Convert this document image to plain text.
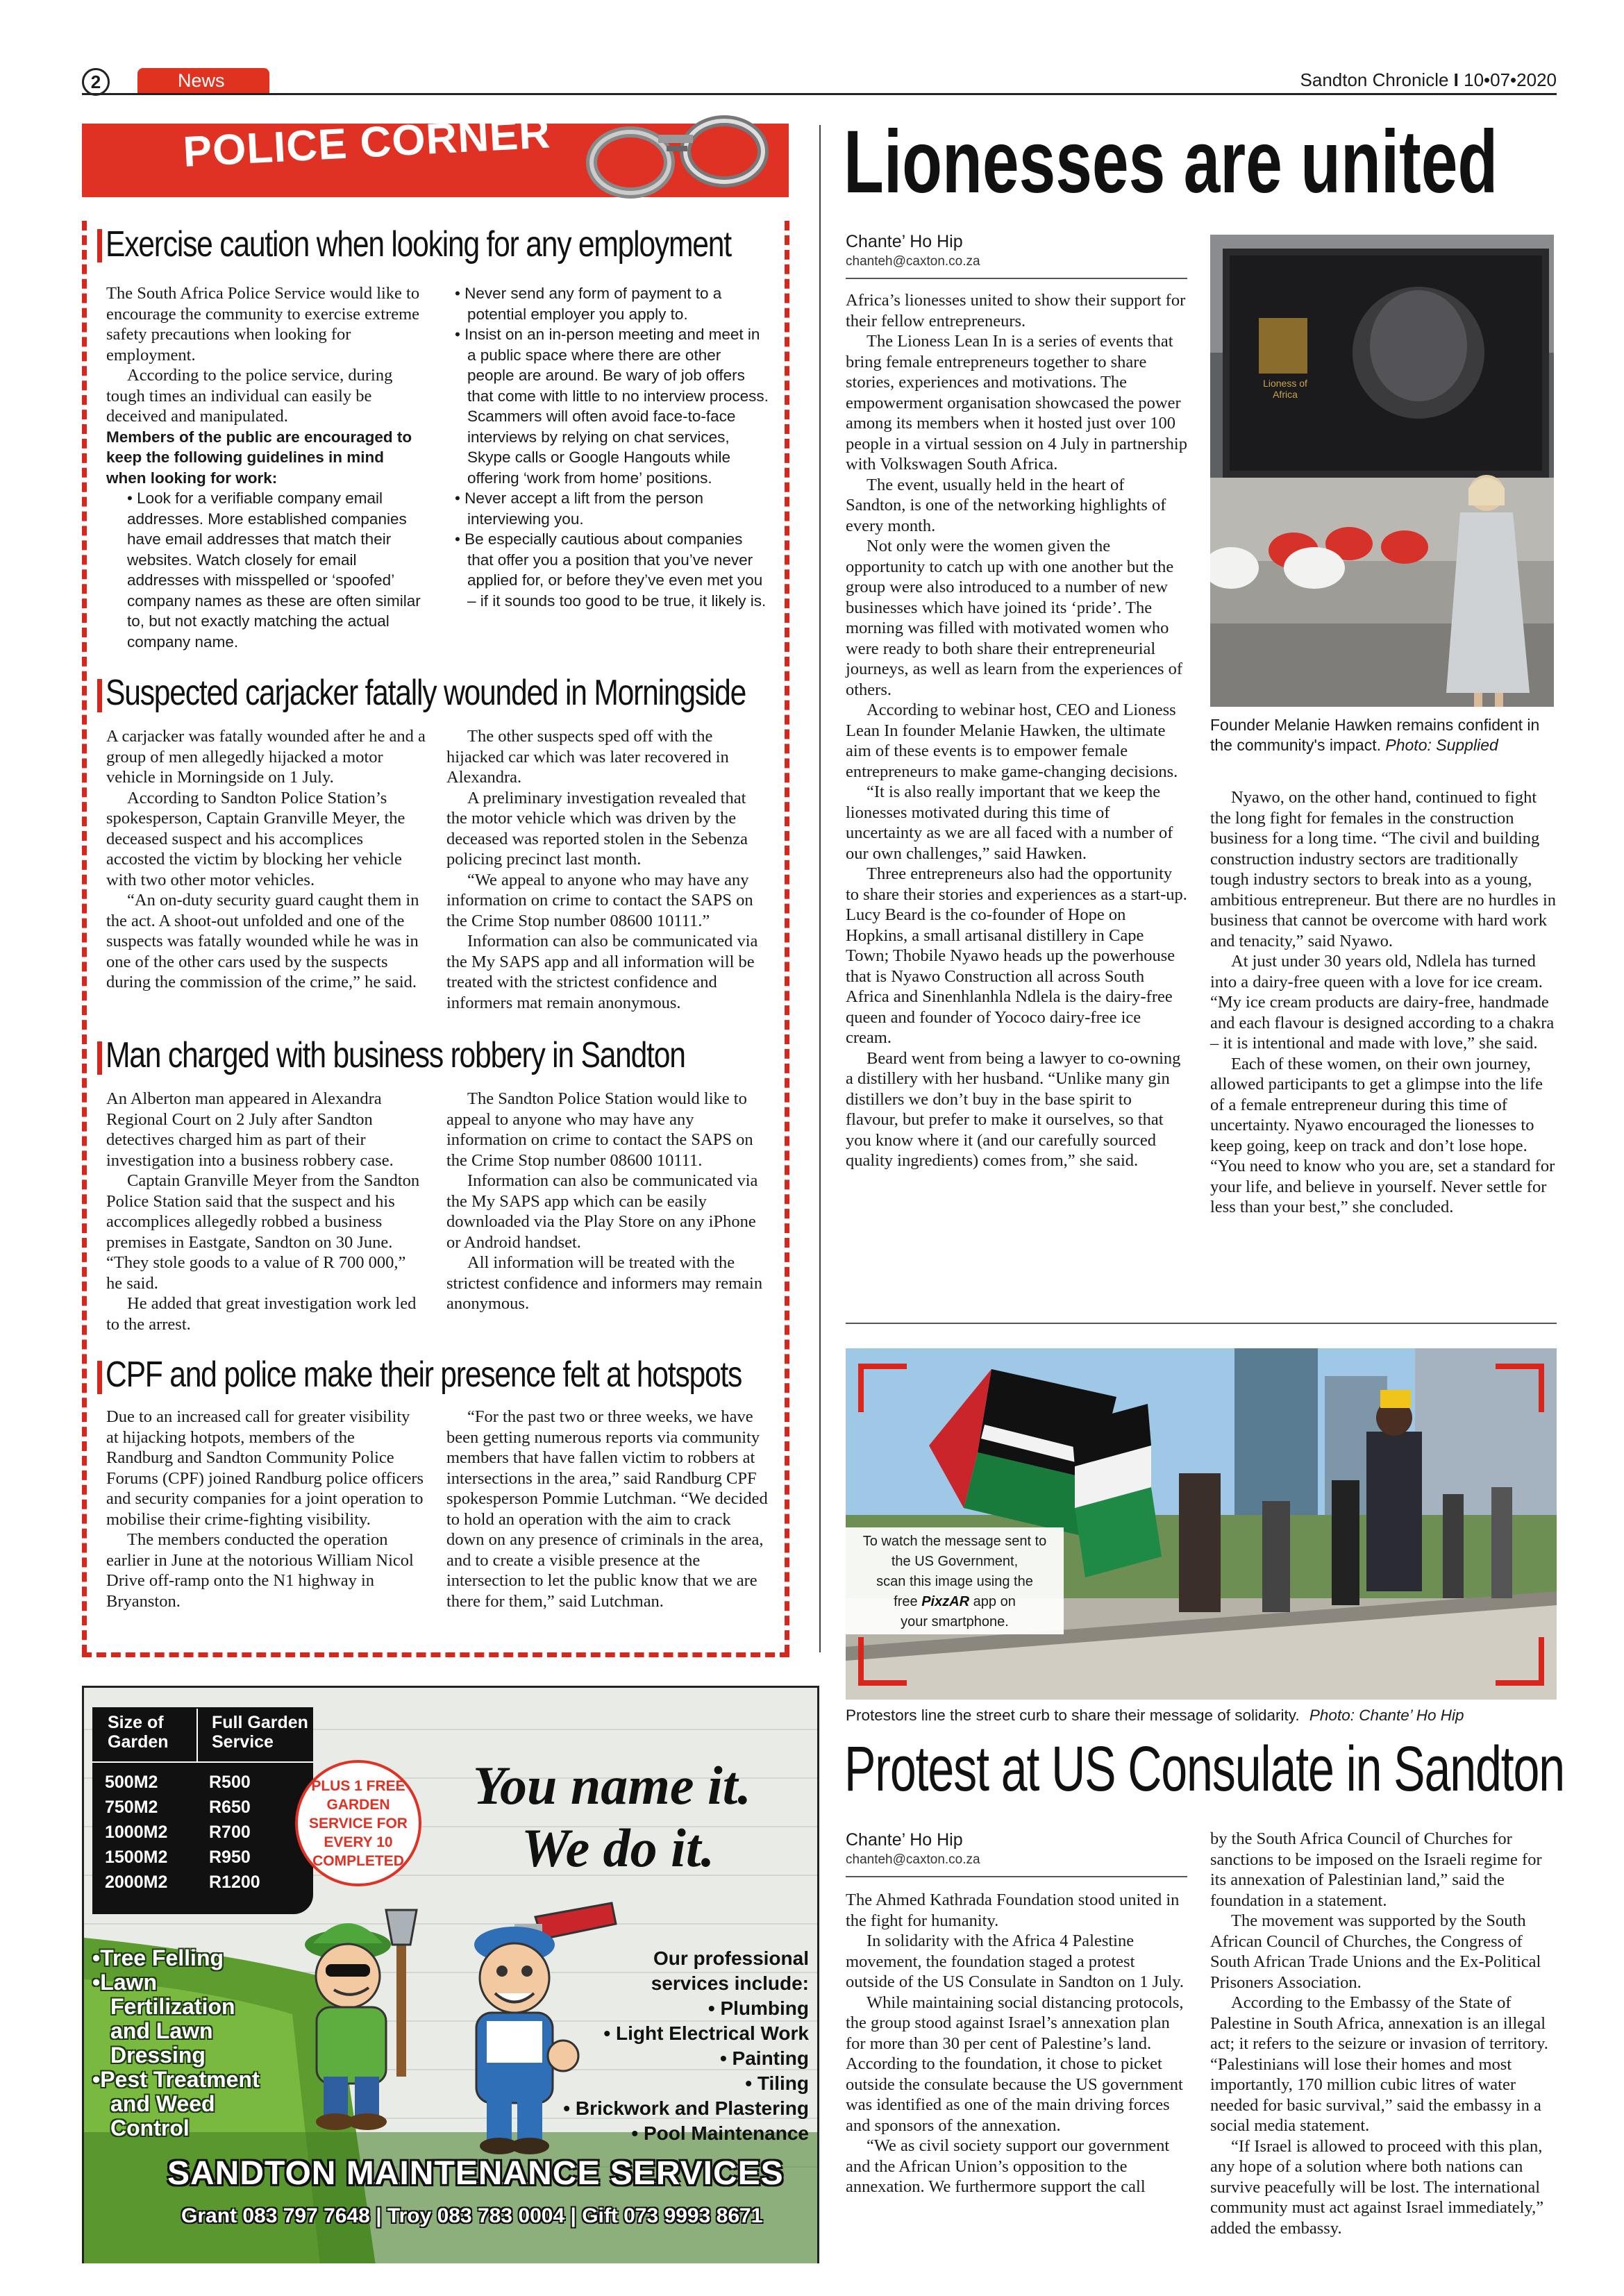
2	News	Sandton Chronicle I 10•07•2020
POLICE CORNER
Exercise caution when looking for any employment

The South Africa Police Service would like to encourage the community to exercise extreme safety precautions when looking for employment.

According to the police service, during tough times an individual can easily be deceived and manipulated.

Members of the public are encouraged to keep the following guidelines in mind when looking for work:

• Look for a verifiable company email addresses. More established companies have email addresses that match their websites. Watch closely for email addresses with misspelled or ‘spoofed’ company names as these are often similar to, but not exactly matching the actual company name.

• Never send any form of payment to a potential employer you apply to.

• Insist on an in-person meeting and meet in a public space where there are other people are around. Be wary of job offers that come with little to no interview process. Scammers will often avoid face-to-face interviews by relying on chat services, Skype calls or Google Hangouts while offering ‘work from home’ positions.

• Never accept a lift from the person interviewing you.

• Be especially cautious about companies that offer you a position that you’ve never applied for, or before they’ve even met you – if it sounds too good to be true, it likely is.

Suspected carjacker fatally wounded in Morningside

A carjacker was fatally wounded after he and a group of men allegedly hijacked a motor vehicle in Morningside on 1 July.

According to Sandton Police Station’s spokesperson, Captain Granville Meyer, the deceased suspect and his accomplices accosted the victim by blocking her vehicle with two other motor vehicles.

“An on-duty security guard caught them in the act. A shoot-out unfolded and one of the suspects was fatally wounded while he was in one of the other cars used by the suspects during the commission of the crime,” he said.

The other suspects sped off with the hijacked car which was later recovered in Alexandra.

A preliminary investigation revealed that the motor vehicle which was driven by the deceased was reported stolen in the Sebenza policing precinct last month.

“We appeal to anyone who may have any information on crime to contact the SAPS on the Crime Stop number 08600 10111.”

Information can also be communicated via the My SAPS app and all information will be treated with the strictest confidence and informers mat remain anonymous.

Man charged with business robbery in Sandton

An Alberton man appeared in Alexandra Regional Court on 2 July after Sandton detectives charged him as part of their investigation into a business robbery case.

Captain Granville Meyer from the Sandton Police Station said that the suspect and his accomplices allegedly robbed a business premises in Eastgate, Sandton on 30 June. “They stole goods to a value of R 700 000,” he said.

He added that great investigation work led to the arrest.

The Sandton Police Station would like to appeal to anyone who may have any information on crime to contact the SAPS on the Crime Stop number 08600 10111.

Information can also be communicated via the My SAPS app which can be easily downloaded via the Play Store on any iPhone or Android handset.

All information will be treated with the strictest confidence and informers may remain anonymous.

CPF and police make their presence felt at hotspots

Due to an increased call for greater visibility at hijacking hotpots, members of the Randburg and Sandton Community Police Forums (CPF) joined Randburg police officers and security companies for a joint operation to mobilise their crime-fighting visibility.

The members conducted the operation earlier in June at the notorious William Nicol Drive off-ramp onto the N1 highway in Bryanston.

“For the past two or three weeks, we have been getting numerous reports via community members that have fallen victim to robbers at intersections in the area,” said Randburg CPF spokesperson Pommie Lutchman. “We decided to hold an operation with the aim to crack down on any presence of criminals in the area, and to create a visible presence at the intersection to let the public know that we are there for them,” said Lutchman.

Lionesses are united
Chante’ Ho Hip
chanteh@caxton.co.za

Africa’s lionesses united to show their support for their fellow entrepreneurs.

The Lioness Lean In is a series of events that bring female entrepreneurs together to share stories, experiences and motivations. The empowerment organisation showcased the power among its members when it hosted just over 100 people in a virtual session on 4 July in partnership with Volkswagen South Africa.

The event, usually held in the heart of Sandton, is one of the networking highlights of every month.

Not only were the women given the opportunity to catch up with one another but the group were also introduced to a number of new businesses which have joined its ‘pride’. The morning was filled with motivated women who were ready to both share their entrepreneurial journeys, as well as learn from the experiences of others.

According to webinar host, CEO and Lioness Lean In founder Melanie Hawken, the ultimate aim of these events is to empower female entrepreneurs to make game-changing decisions.

“It is also really important that we keep the lionesses motivated during this time of uncertainty as we are all faced with a number of our own challenges,” said Hawken.

Three entrepreneurs also had the opportunity to share their stories and experiences as a start-up. Lucy Beard is the co-founder of Hope on Hopkins, a small artisanal distillery in Cape Town; Thobile Nyawo heads up the powerhouse that is Nyawo Construction all across South Africa and Sinenhlanhla Ndlela is the dairy-free queen and founder of Yococo dairy-free ice cream.

Beard went from being a lawyer to co-owning a distillery with her husband. “Unlike many gin distillers we don’t buy in the base spirit to flavour, but prefer to make it ourselves, so that you know where it (and our carefully sourced quality ingredients) comes from,” she said.

Lioness of Africa
Founder Melanie Hawken remains confident in the community's impact. Photo: Supplied

Nyawo, on the other hand, continued to fight the long fight for females in the construction business for a long time. “The civil and building construction industry sectors are traditionally tough industry sectors to break into as a young, ambitious entrepreneur. But there are no hurdles in business that cannot be overcome with hard work and tenacity,” said Nyawo.

At just under 30 years old, Ndlela has turned into a dairy-free queen with a love for ice cream. “My ice cream products are dairy-free, handmade and each flavour is designed according to a chakra – it is intentional and made with love,” she said.

Each of these women, on their own journey, allowed participants to get a glimpse into the life of a female entrepreneur during this time of uncertainty. Nyawo encouraged the lionesses to keep going, keep on track and don’t lose hope. “You need to know who you are, set a standard for your life, and believe in yourself. Never settle for less than your best,” she concluded.

To watch the message sent to
the US Government,
scan this image using the
free PixzAR app on
your smartphone.
Protestors line the street curb to share their message of solidarity. Photo: Chante’ Ho Hip
Protest at US Consulate in Sandton
Chante’ Ho Hip
chanteh@caxton.co.za

The Ahmed Kathrada Foundation stood united in the fight for humanity.

In solidarity with the Africa 4 Palestine movement, the foundation staged a protest outside of the US Consulate in Sandton on 1 July.

While maintaining social distancing protocols, the group stood against Israel’s annexation plan for more than 30 per cent of Palestine’s land. According to the foundation, it chose to picket outside the consulate because the US government was identified as one of the main driving forces and sponsors of the annexation.

“We as civil society support our government and the African Union’s opposition to the annexation. We furthermore support the call

by the South Africa Council of Churches for sanctions to be imposed on the Israeli regime for its annexation of Palestinian land,” said the foundation in a statement.

The movement was supported by the South African Council of Churches, the Congress of South African Trade Unions and the Ex-Political Prisoners Association.

According to the Embassy of the State of Palestine in South Africa, annexation is an illegal act; it refers to the seizure or invasion of territory. “Palestinians will lose their homes and most importantly, 170 million cubic litres of water needed for basic survival,” said the embassy in a social media statement.

“If Israel is allowed to proceed with this plan, any hope of a solution where both nations can survive peacefully will be lost. The international community must act against Israel immediately,” added the embassy.

Size of Garden
Full Garden Service
500M2	R500
750M2	R650
1000M2	R700
1500M2	R950
2000M2	R1200
PLUS 1 FREE
GARDEN
SERVICE FOR
EVERY 10
COMPLETED
You name it.
We do it.
•Tree Felling
•Lawn
Fertilization
and Lawn
Dressing
•Pest Treatment
and Weed
Control
Our professional
services include:
• Plumbing
• Light Electrical Work
• Painting
• Tiling
• Brickwork and Plastering
• Pool Maintenance
SANDTON MAINTENANCE SERVICES
Grant 083 797 7648 | Troy 083 783 0004 | Gift 073 9993 8671
